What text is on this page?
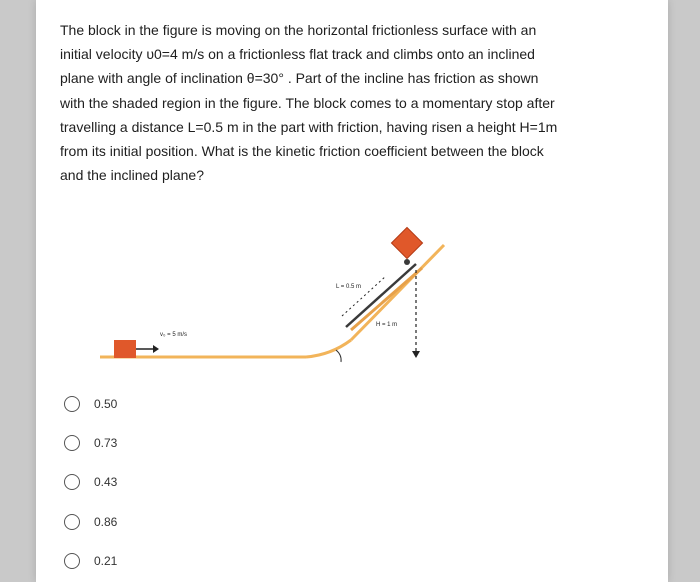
The block in the figure is moving on the horizontal frictionless surface with an
initial velocity υ0=4 m/s on a frictionless flat track and climbs onto an inclined
plane with angle of inclination θ=30° . Part of the incline has friction as shown
with the shaded region in the figure. The block comes to a momentary stop after
travelling a distance L=0.5 m in the part with friction, having risen a height H=1m
from its initial position. What is the kinetic friction coefficient between the block
and the inclined plane?
L = 0.5 m
H = 1 m
v₀ = 5 m/s
0.50
0.73
0.43
0.86
0.21
